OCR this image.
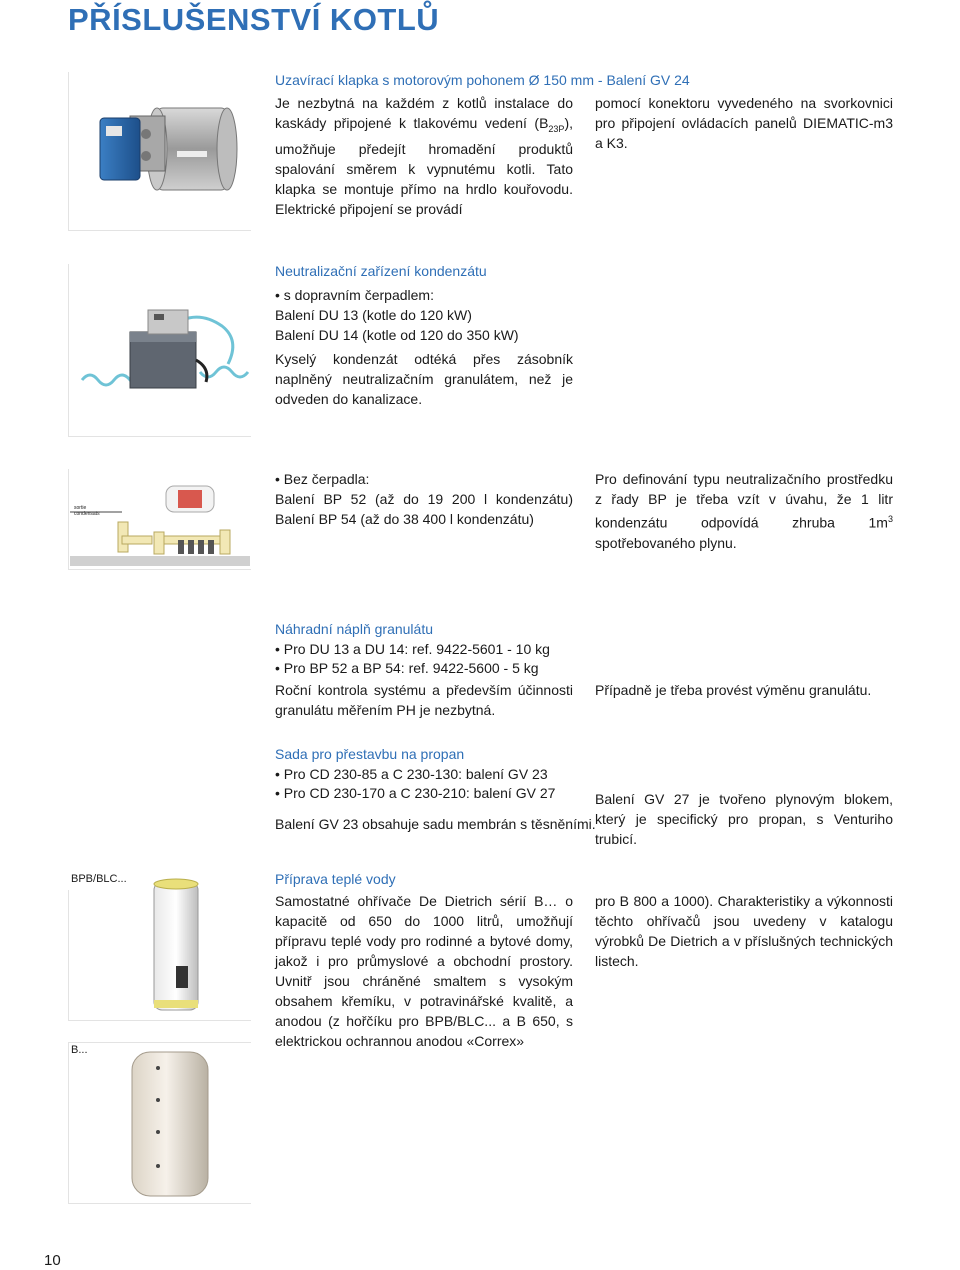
PŘÍSLUŠENSTVÍ KOTLŮ
Uzavírací klapka s motorovým pohonem Ø 150 mm - Balení GV 24
Je nezbytná na každém z kotlů instalace do kaskády připojené k tlakovému vedení $(B_{23P})$, umožňuje předejít hromadění produktů spalování směrem k vypnutému kotli. Tato klapka se montuje přímo na hrdlo kouřovodu. Elektrické připojení se provádí
pomocí konektoru vyvedeného na svorkovnici pro připojení ovládacích panelů DIEMATIC-m3 a K3.
Neutralizační zařízení kondenzátu
• s dopravním čerpadlem:
Balení DU 13 (kotle do 120 kW)
Balení DU 14 (kotle od 120 do 350 kW)
Kyselý kondenzát odtéká přes zásobník naplněný neutralizačním granulátem, než je odveden do kanalizace.
sortie
condensats
• Bez čerpadla:
Balení BP 52 (až do 19 200 l kondenzátu) Balení BP 54 (až do 38 400 l kondenzátu)
Pro definování typu neutralizačního prostředku z řady BP je třeba vzít v úvahu, že 1 litr kondenzátu odpovídá zhruba $1m^3$ spotřebovaného plynu.
Náhradní náplň granulátu
• Pro DU 13 a DU 14: ref. 9422-5601 - 10 kg
• Pro BP 52 a BP 54: ref. 9422-5600 - 5 kg
Roční kontrola systému a především účinnosti granulátu měřením PH je nezbytná.
Případně je třeba provést výměnu granulátu.
Sada pro přestavbu na propan
• Pro CD 230-85 a C 230-130: balení GV 23
• Pro CD 230-170 a C 230-210: balení GV 27
Balení GV 23 obsahuje sadu membrán s těsněními.
Balení GV 27 je tvořeno plynovým blokem, který je specifický pro propan, s Venturiho trubicí.
BPB/BLC...
B...
Příprava teplé vody
Samostatné ohřívače De Dietrich sérií B… o kapacitě od 650 do 1000 litrů, umožňují přípravu teplé vody pro rodinné a bytové domy, jakož i pro průmyslové a obchodní prostory. Uvnitř jsou chráněné smaltem s vysokým obsahem křemíku, v potravinářské kvalitě, a anodou (z hořčíku pro BPB/BLC... a B 650, s elektrickou ochrannou anodou «Correx»
pro B 800 a 1000). Charakteristiky a výkonnosti těchto ohřívačů jsou uvedeny v katalogu výrobků De Dietrich a v příslušných technických listech.
10
